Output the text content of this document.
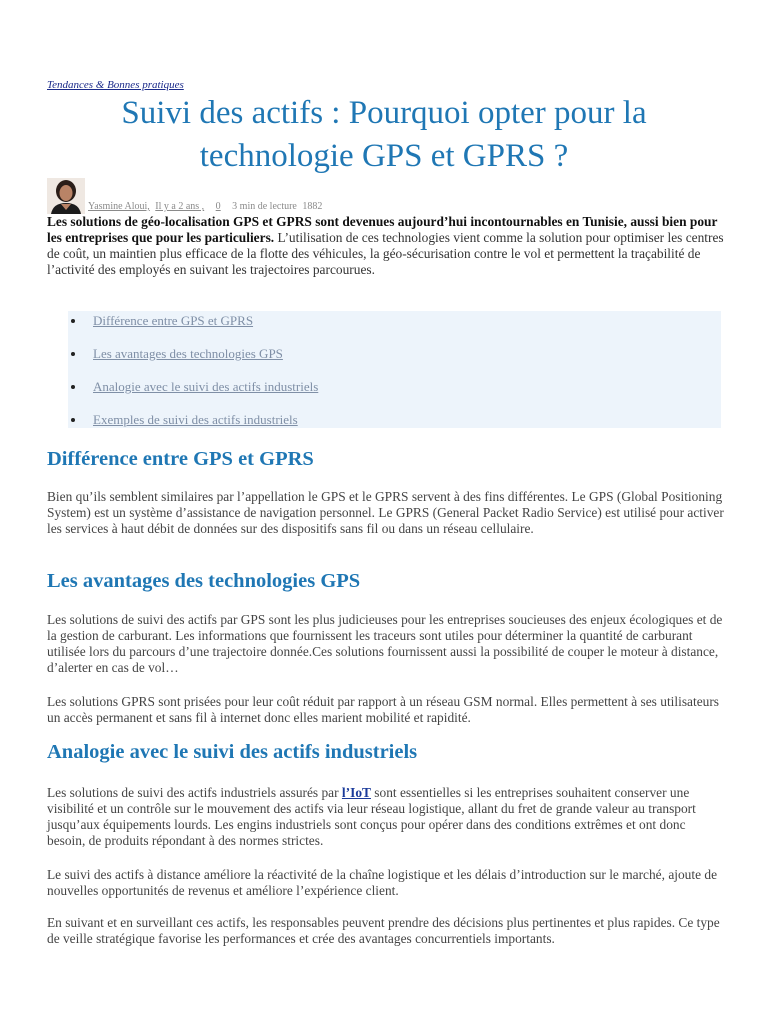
Tendances & Bonnes pratiques
Suivi des actifs : Pourquoi opter pour la
technologie GPS et GPRS ?
Yasmine Aloui, Il y a 2 ans , 0 3 min de lecture 1882

Les solutions de géo-localisation GPS et GPRS sont devenues aujourd’hui incontournables en Tunisie, aussi bien pour les entreprises que pour les particuliers. L’utilisation de ces technologies vient comme la solution pour optimiser les centres de coût, un maintien plus efficace de la flotte des véhicules, la géo-sécurisation contre le vol et permettent la traçabilité de l’activité des employés en suivant les trajectoires parcourues.

Différence entre GPS et GPRS
Les avantages des technologies GPS
Analogie avec le suivi des actifs industriels
Exemples de suivi des actifs industriels
Différence entre GPS et GPRS

Bien qu’ils semblent similaires par l’appellation le GPS et le GPRS servent à des fins différentes. Le GPS (Global Positioning System) est un système d’assistance de navigation personnel. Le GPRS (General Packet Radio Service) est utilisé pour activer les services à haut débit de données sur des dispositifs sans fil ou dans un réseau cellulaire.

Les avantages des technologies GPS

Les solutions de suivi des actifs par GPS sont les plus judicieuses pour les entreprises soucieuses des enjeux écologiques et de la gestion de carburant. Les informations que fournissent les traceurs sont utiles pour déterminer la quantité de carburant utilisée lors du parcours d’une trajectoire donnée.Ces solutions fournissent aussi la possibilité de couper le moteur à distance, d’alerter en cas de vol…

Les solutions GPRS sont prisées pour leur coût réduit par rapport à un réseau GSM normal. Elles permettent à ses utilisateurs un accès permanent et sans fil à internet donc elles marient mobilité et rapidité.

Analogie avec le suivi des actifs industriels

Les solutions de suivi des actifs industriels assurés par l’IoT sont essentielles si les entreprises souhaitent conserver une visibilité et un contrôle sur le mouvement des actifs via leur réseau logistique, allant du fret de grande valeur au transport jusqu’aux équipements lourds. Les engins industriels sont conçus pour opérer dans des conditions extrêmes et ont donc besoin, de produits répondant à des normes strictes.

Le suivi des actifs à distance améliore la réactivité de la chaîne logistique et les délais d’introduction sur le marché, ajoute de nouvelles opportunités de revenus et améliore l’expérience client.

En suivant et en surveillant ces actifs, les responsables peuvent prendre des décisions plus pertinentes et plus rapides. Ce type de veille stratégique favorise les performances et crée des avantages concurrentiels importants.
